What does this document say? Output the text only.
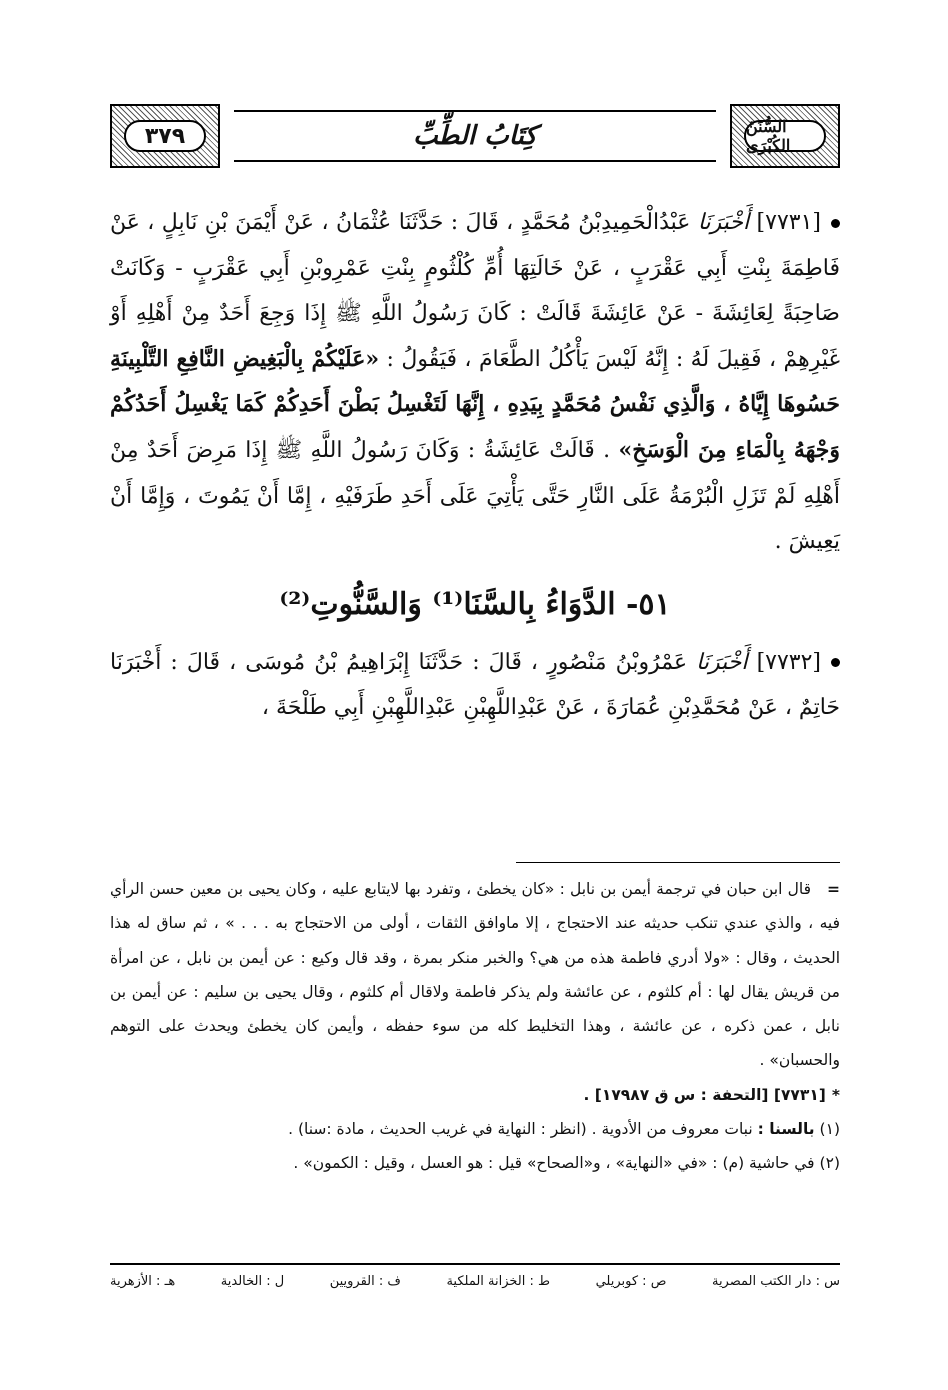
السُّنَنُ الكُبْرَى
كِتَابُ الطِّبِّ
٣٧٩

[٧٧٣١] أَخْبَرَنَا عَبْدُالْحَمِيدِبْنُ مُحَمَّدٍ ، قَالَ : حَدَّثَنَا عُثْمَانُ ، عَنْ أَيْمَنَ بْنِ نَابِلٍ ، عَنْ فَاطِمَةَ بِنْتِ أَبِي عَقْرَبٍ ، عَنْ خَالَتِهَا أُمِّ كُلْثُومٍ بِنْتِ عَمْرِوبْنِ أَبِي عَقْرَبٍ - وَكَانَتْ صَاحِبَةً لِعَائِشَةَ - عَنْ عَائِشَةَ قَالَتْ : كَانَ رَسُولُ اللَّهِ ﷺ إِذَا وَجِعَ أَحَدٌ مِنْ أَهْلِهِ أَوْ غَيْرِهِمْ ، فَقِيلَ لَهُ : إِنَّهُ لَيْسَ يَأْكُلُ الطَّعَامَ ، فَيَقُولُ : «عَلَيْكُمْ بِالْبَغِيضِ النَّافِعِ التَّلْبِينَةِ حَسُوهَا إِيَّاهُ ، وَالَّذِي نَفْسُ مُحَمَّدٍ بِيَدِهِ ، إِنَّهَا لَتَغْسِلُ بَطْنَ أَحَدِكُمْ كَمَا يَغْسِلُ أَحَدُكُمْ وَجْهَهُ بِالْمَاءِ مِنَ الْوَسَخِ» . قَالَتْ عَائِشَةُ : وَكَانَ رَسُولُ اللَّهِ ﷺ إِذَا مَرِضَ أَحَدٌ مِنْ أَهْلِهِ لَمْ تَزَلِ الْبُرْمَةُ عَلَى النَّارِ حَتَّى يَأْتِيَ عَلَى أَحَدِ طَرَفَيْهِ ، إِمَّا أَنْ يَمُوتَ ، وَإِمَّا أَنْ يَعِيشَ .

٥١- الدَّوَاءُ بِالسَّنَا⁽¹⁾ وَالسَّنُّوتِ⁽²⁾

[٧٧٣٢] أَخْبَرَنَا عَمْرُوبْنُ مَنْصُورٍ ، قَالَ : حَدَّثَنَا إِبْرَاهِيمُ بْنُ مُوسَى ، قَالَ : أَخْبَرَنَا حَاتِمٌ ، عَنْ مُحَمَّدِبْنِ عُمَارَةَ ، عَنْ عَبْدِاللَّهِبْنِ عَبْدِاللَّهِبْنِ أَبِي طَلْحَةَ ،

=قال ابن حبان في ترجمة أيمن بن نابل : «كان يخطئ ، وتفرد بها لايتابع عليه ، وكان يحيى بن معين حسن الرأي فيه ، والذي عندي تنكب حديثه عند الاحتجاج ، إلا ماوافق الثقات ، أولى من الاحتجاج به . . . » ، ثم ساق له هذا الحديث ، وقال : «ولا أدري فاطمة هذه من هي؟ والخبر منكر بمرة ، وقد قال وكيع : عن أيمن بن نابل ، عن امرأة من قريش يقال لها : أم كلثوم ، عن عائشة ولم يذكر فاطمة ولاقال أم كلثوم ، وقال يحيى بن سليم : عن أيمن بن نابل ، عمن ذكره ، عن عائشة ، وهذا التخليط كله من سوء حفظه ، وأيمن كان يخطئ ويحدث على التوهم والحسبان» .

*[٧٧٣١] [التحفة : س ق ١٧٩٨٧] .

(١) بالسنا : نبات معروف من الأدوية . (انظر : النهاية في غريب الحديث ، مادة :سنا) .

(٢) في حاشية (م) : «في «النهاية» ، و«الصحاح» قيل : هو العسل ، وقيل : الكمون» .

س : دار الكتب المصرية
ص : كوبريلي
ط : الخزانة الملكية
ف : القرويين
ل : الخالدية
هـ : الأزهرية
